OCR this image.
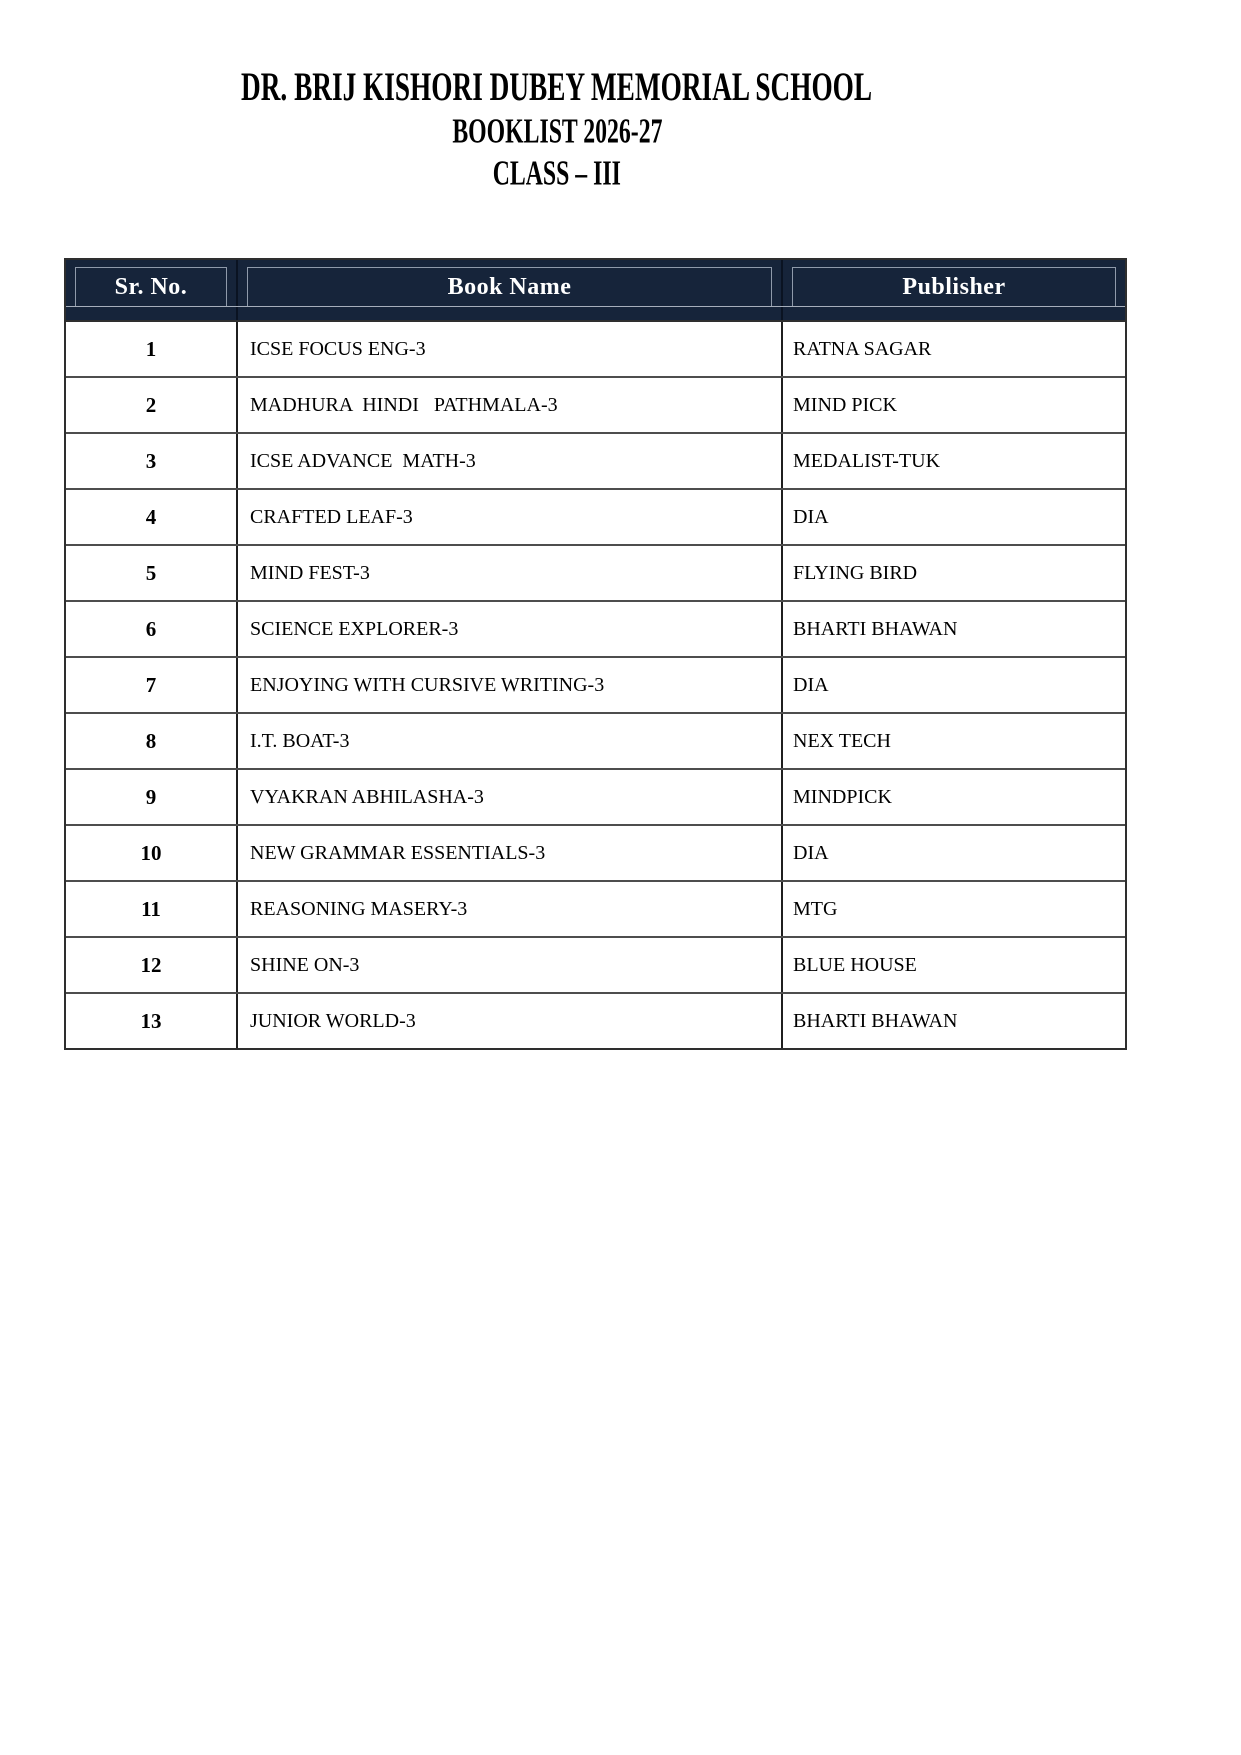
DR. BRIJ KISHORI DUBEY MEMORIAL SCHOOL
BOOKLIST 2026-27
CLASS – III
Sr. No.	Book Name	Publisher
1	ICSE FOCUS ENG-3	RATNA SAGAR
2	MADHURA  HINDI   PATHMALA-3	MIND PICK
3	ICSE ADVANCE  MATH-3	MEDALIST-TUK
4	CRAFTED LEAF-3	DIA
5	MIND FEST-3	FLYING BIRD
6	SCIENCE EXPLORER-3	BHARTI BHAWAN
7	ENJOYING WITH CURSIVE WRITING-3	DIA
8	I.T. BOAT-3	NEX TECH
9	VYAKRAN ABHILASHA-3	MINDPICK
10	NEW GRAMMAR ESSENTIALS-3	DIA
11	REASONING MASERY-3	MTG
12	SHINE ON-3	BLUE HOUSE
13	JUNIOR WORLD-3	BHARTI BHAWAN
